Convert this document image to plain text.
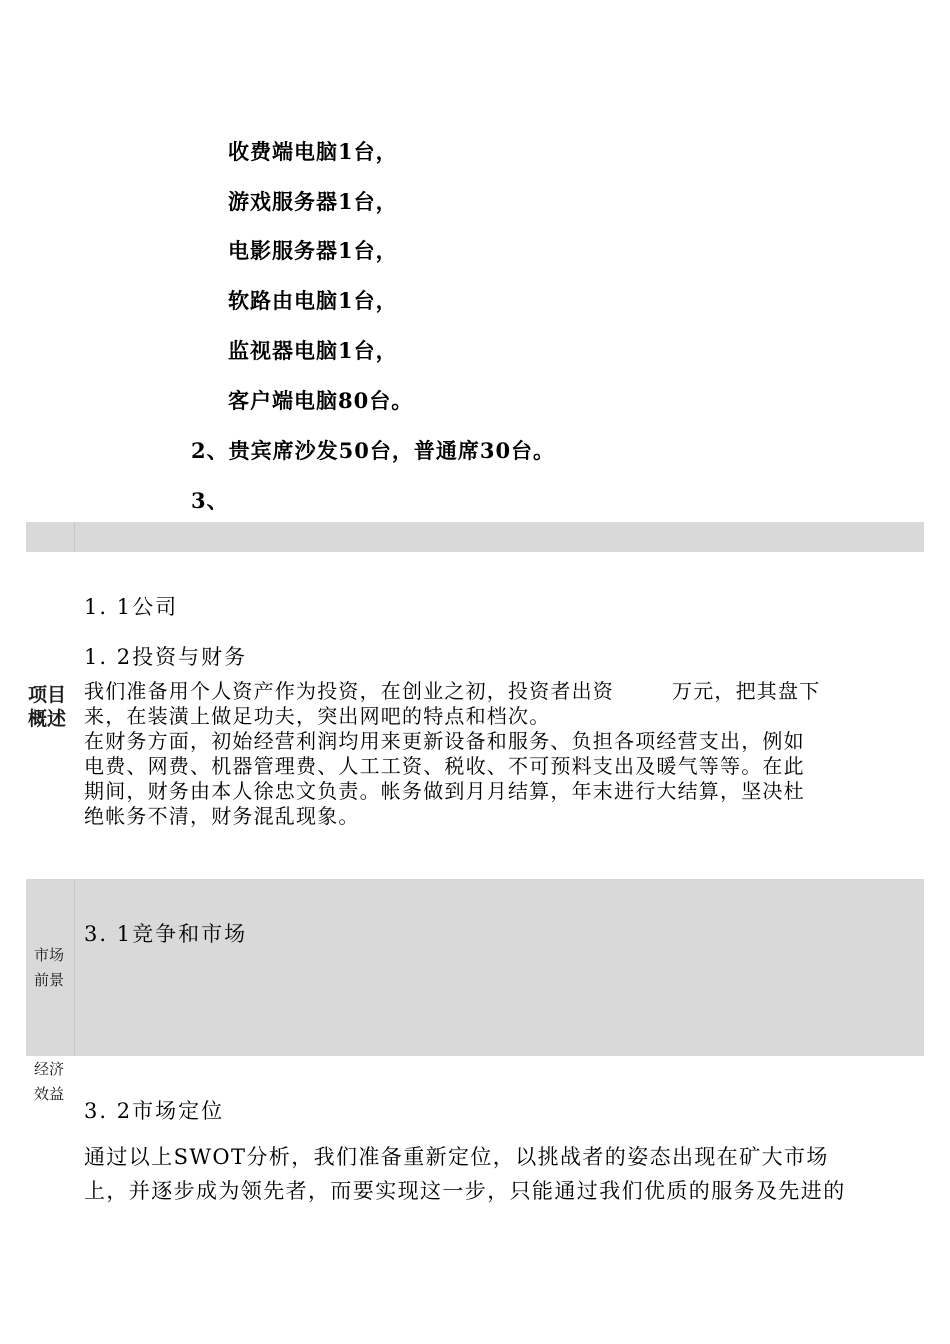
收费端电脑1台，
游戏服务器1台，
电影服务器1台，
软路由电脑1台，
监视器电脑1台，
客户端电脑80台。
2、贵宾席沙发50台，普通席30台。
3、
1. 1公司
1. 2投资与财务
项目
概述
我们准备用个人资产作为投资，在创业之初，投资者出资	万元，把其盘下
来，在装潢上做足功夫，突出网吧的特点和档次。
在财务方面，初始经营利润均用来更新设备和服务、负担各项经营支出，例如
电费、网费、机器管理费、人工工资、税收、不可预料支出及暖气等等。在此
期间，财务由本人徐忠文负责。帐务做到月月结算，年末进行大结算，坚决杜
绝帐务不清，财务混乱现象。
3. 1竞争和市场
市场
前景
经济
效益
3. 2市场定位
通过以上SWOT分析，我们准备重新定位，以挑战者的姿态出现在矿大市场
上，并逐步成为领先者，而要实现这一步，只能通过我们优质的服务及先进的
